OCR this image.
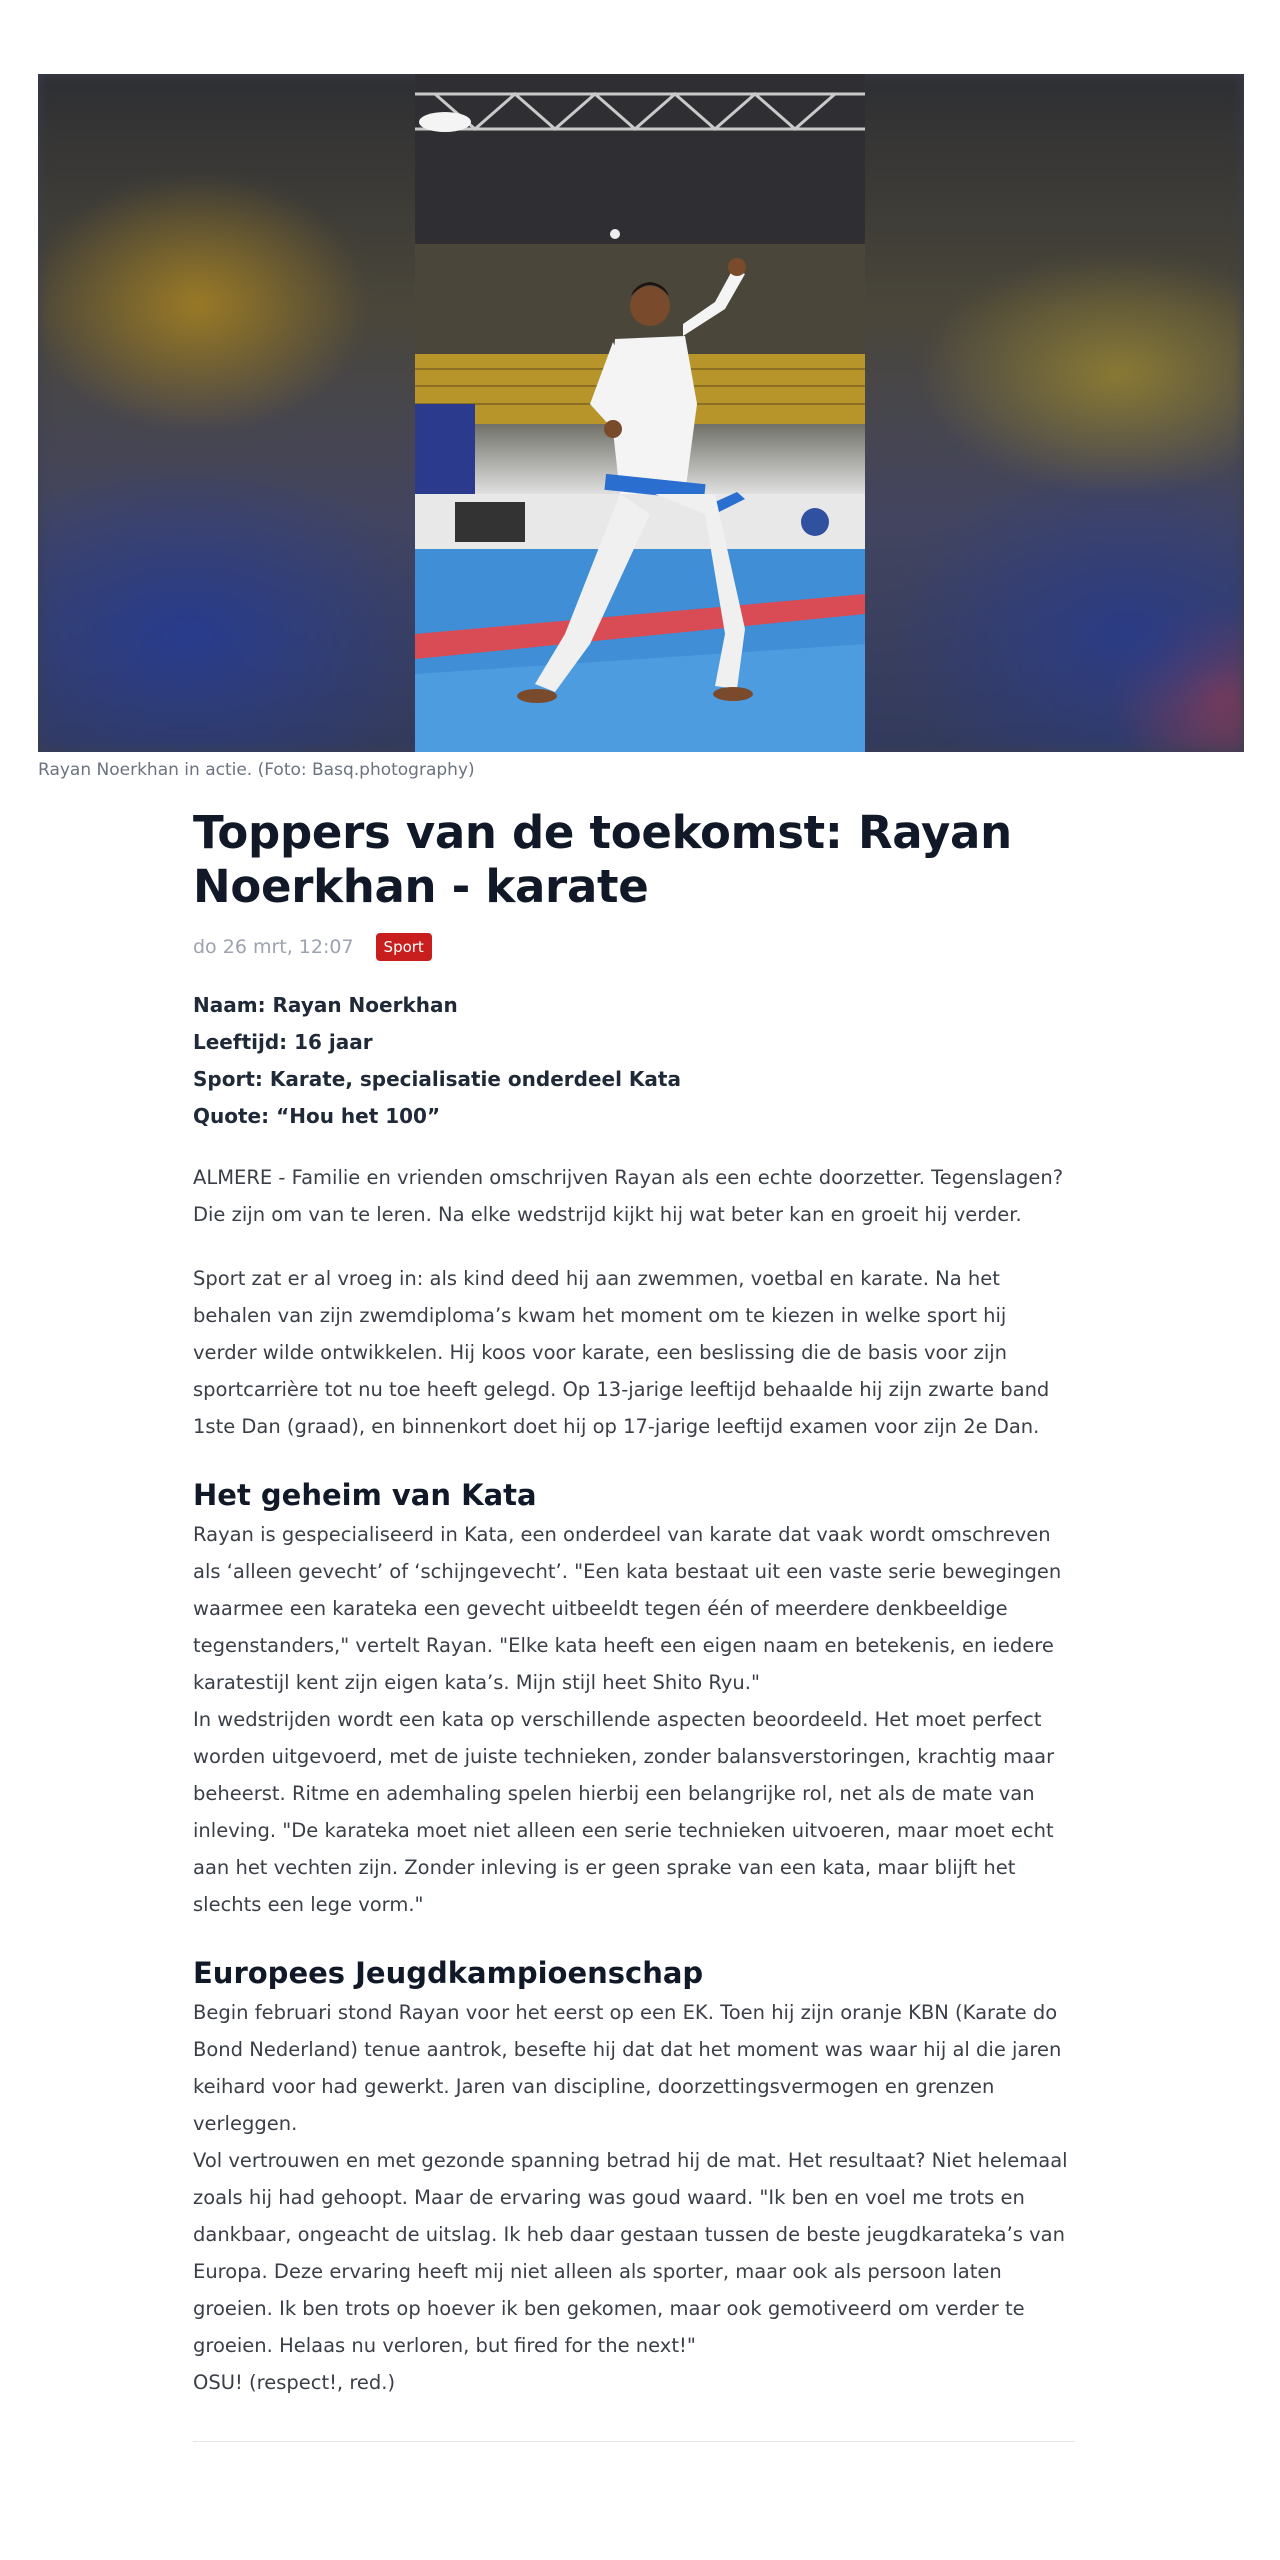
Rayan Noerkhan in actie. (Foto: Basq.photography)
Toppers van de toekomst: Rayan Noerkhan - karate
do 26 mrt, 12:07	Sport

Naam: Rayan Noerkhan

Leeftijd: 16 jaar

Sport: Karate, specialisatie onderdeel Kata

Quote: “Hou het 100”

ALMERE - Familie en vrienden omschrijven Rayan als een echte doorzetter. Tegenslagen? Die zijn om van te leren. Na elke wedstrijd kijkt hij wat beter kan en groeit hij verder.

Sport zat er al vroeg in: als kind deed hij aan zwemmen, voetbal en karate. Na het behalen van zijn zwemdiploma’s kwam het moment om te kiezen in welke sport hij verder wilde ontwikkelen. Hij koos voor karate, een beslissing die de basis voor zijn sportcarrière tot nu toe heeft gelegd. Op 13-jarige leeftijd behaalde hij zijn zwarte band 1ste Dan (graad), en binnenkort doet hij op 17-jarige leeftijd examen voor zijn 2e Dan.

Het geheim van Kata

Rayan is gespecialiseerd in Kata, een onderdeel van karate dat vaak wordt omschreven als ‘alleen gevecht’ of ‘schijngevecht’. "Een kata bestaat uit een vaste serie bewegingen waarmee een karateka een gevecht uitbeeldt tegen één of meerdere denkbeeldige tegenstanders," vertelt Rayan. "Elke kata heeft een eigen naam en betekenis, en iedere karatestijl kent zijn eigen kata’s. Mijn stijl heet Shito Ryu."

In wedstrijden wordt een kata op verschillende aspecten beoordeeld. Het moet perfect worden uitgevoerd, met de juiste technieken, zonder balansverstoringen, krachtig maar beheerst. Ritme en ademhaling spelen hierbij een belangrijke rol, net als de mate van inleving. "De karateka moet niet alleen een serie technieken uitvoeren, maar moet echt aan het vechten zijn. Zonder inleving is er geen sprake van een kata, maar blijft het slechts een lege vorm."

Europees Jeugdkampioenschap

Begin februari stond Rayan voor het eerst op een EK. Toen hij zijn oranje KBN (Karate do Bond Nederland) tenue aantrok, besefte hij dat dat het moment was waar hij al die jaren keihard voor had gewerkt. Jaren van discipline, doorzettingsvermogen en grenzen verleggen.

Vol vertrouwen en met gezonde spanning betrad hij de mat. Het resultaat? Niet helemaal zoals hij had gehoopt. Maar de ervaring was goud waard. "Ik ben en voel me trots en dankbaar, ongeacht de uitslag. Ik heb daar gestaan tussen de beste jeugdkarateka’s van Europa. Deze ervaring heeft mij niet alleen als sporter, maar ook als persoon laten groeien. Ik ben trots op hoever ik ben gekomen, maar ook gemotiveerd om verder te groeien. Helaas nu verloren, but fired for the next!"

OSU! (respect!, red.)
